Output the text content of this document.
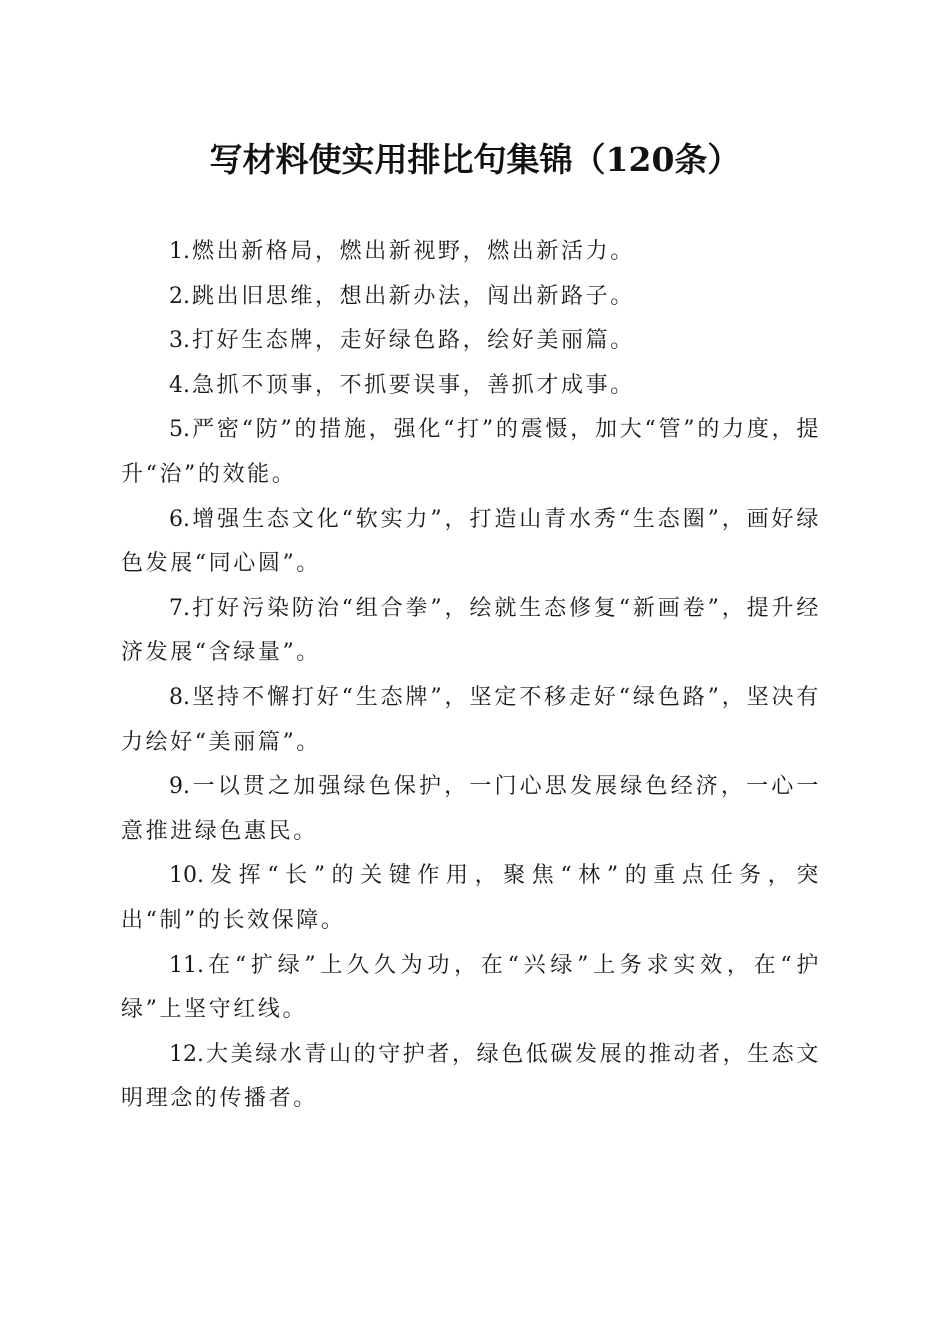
写材料使实用排比句集锦（120条）

1.燃出新格局，燃出新视野，燃出新活力。

2.跳出旧思维，想出新办法，闯出新路子。

3.打好生态牌，走好绿色路，绘好美丽篇。

4.急抓不顶事，不抓要误事，善抓才成事。

5.严密“防”的措施，强化“打”的震慑，加大“管”的力度，提升“治”的效能。

6.增强生态文化“软实力”，打造山青水秀“生态圈”，画好绿色发展“同心圆”。

7.打好污染防治“组合拳”，绘就生态修复“新画卷”，提升经济发展“含绿量”。

8.坚持不懈打好“生态牌”，坚定不移走好“绿色路”，坚决有力绘好“美丽篇”。

9.一以贯之加强绿色保护，一门心思发展绿色经济，一心一意推进绿色惠民。

10.发挥“长”的关键作用，聚焦“林”的重点任务，突出“制”的长效保障。

11.在“扩绿”上久久为功，在“兴绿”上务求实效，在“护绿”上坚守红线。

12.大美绿水青山的守护者，绿色低碳发展的推动者，生态文明理念的传播者。
